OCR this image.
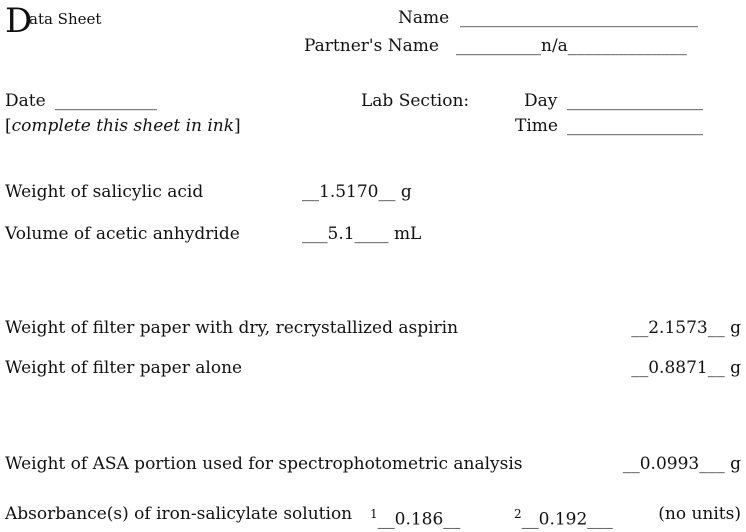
D
ata Sheet	Name ____________________________
Partner's Name __________n/a______________
Date ____________
[complete this sheet in ink]
Lab Section:	Day ________________
Time ________________
Weight of salicylic acid	__1.5170__ g
Volume of acetic anhydride	___5.1____ mL
Weight of filter paper with dry, recrystallized aspirin	__2.1573__ g
Weight of filter paper alone	__0.8871__ g
Weight of ASA portion used for spectrophotometric analysis	__0.0993___ g
Absorbance(s) of iron-salicylate solution $^1$__0.186__	$^2$__0.192___	(no units)
